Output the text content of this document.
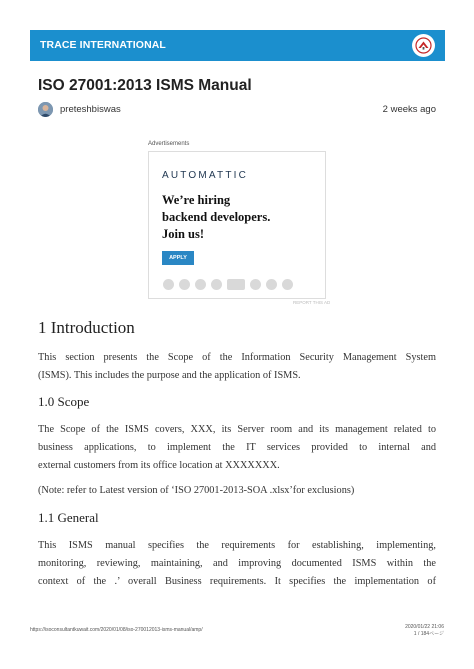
TRACE INTERNATIONAL
ISO 27001:2013 ISMS Manual
preteshbiswas	2 weeks ago
Advertisements
AUTOMATTIC
We’re hiring
backend developers.
Join us!
APPLY
REPORT THIS AD
1 Introduction
This section presents the Scope of the Information Security Management System
(ISMS). This includes the purpose and the application of ISMS.
1.0 Scope
The Scope of the ISMS covers, XXX, its Server room and its management related to
business applications, to implement the IT services provided to internal and
external customers from its office location at XXXXXXX.
(Note: refer to Latest version of ‘ISO 27001-2013-SOA .xlsx’for exclusions)
1.1 General
This ISMS manual specifies the requirements for establishing, implementing,
monitoring, reviewing, maintaining, and improving documented ISMS within the
context of the .’ overall Business requirements. It specifies the implementation of
https://isoconsultantkuwait.com/2020/01/08/iso-270012013-isms-manual/amp/	2020/01/22 21:06
1 / 184ページ
